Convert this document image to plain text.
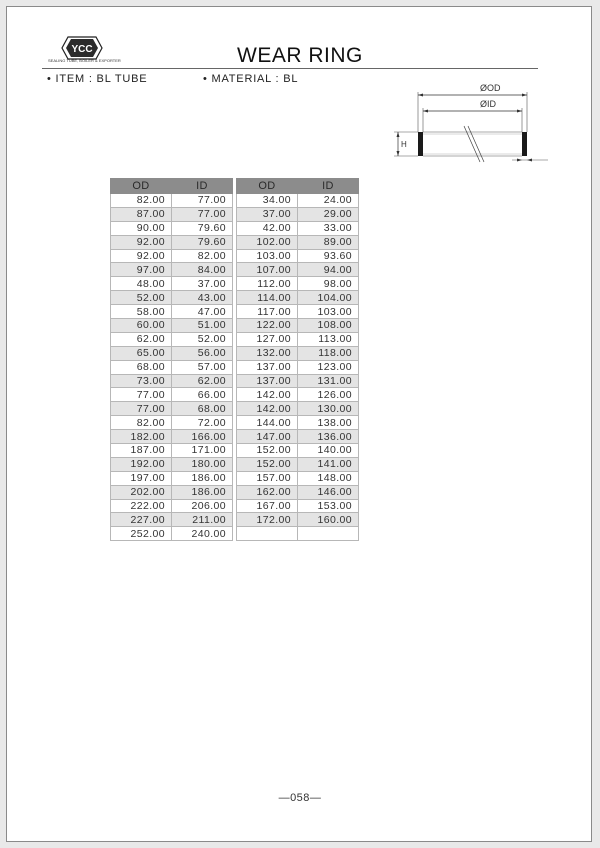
YCC
SEALING TUBE, BOILER & EXPORTER	WEAR RING
• ITEM : BL TUBE	• MATERIAL : BL
ØOD
ØID
H
OD	ID
82.00	77.00
87.00	77.00
90.00	79.60
92.00	79.60
92.00	82.00
97.00	84.00
48.00	37.00
52.00	43.00
58.00	47.00
60.00	51.00
62.00	52.00
65.00	56.00
68.00	57.00
73.00	62.00
77.00	66.00
77.00	68.00
82.00	72.00
182.00	166.00
187.00	171.00
192.00	180.00
197.00	186.00
202.00	186.00
222.00	206.00
227.00	211.00
252.00	240.00
OD	ID
34.00	24.00
37.00	29.00
42.00	33.00
102.00	89.00
103.00	93.60
107.00	94.00
112.00	98.00
114.00	104.00
117.00	103.00
122.00	108.00
127.00	113.00
132.00	118.00
137.00	123.00
137.00	131.00
142.00	126.00
142.00	130.00
144.00	138.00
147.00	136.00
152.00	140.00
152.00	141.00
157.00	148.00
162.00	146.00
167.00	153.00
172.00	160.00

—058—
